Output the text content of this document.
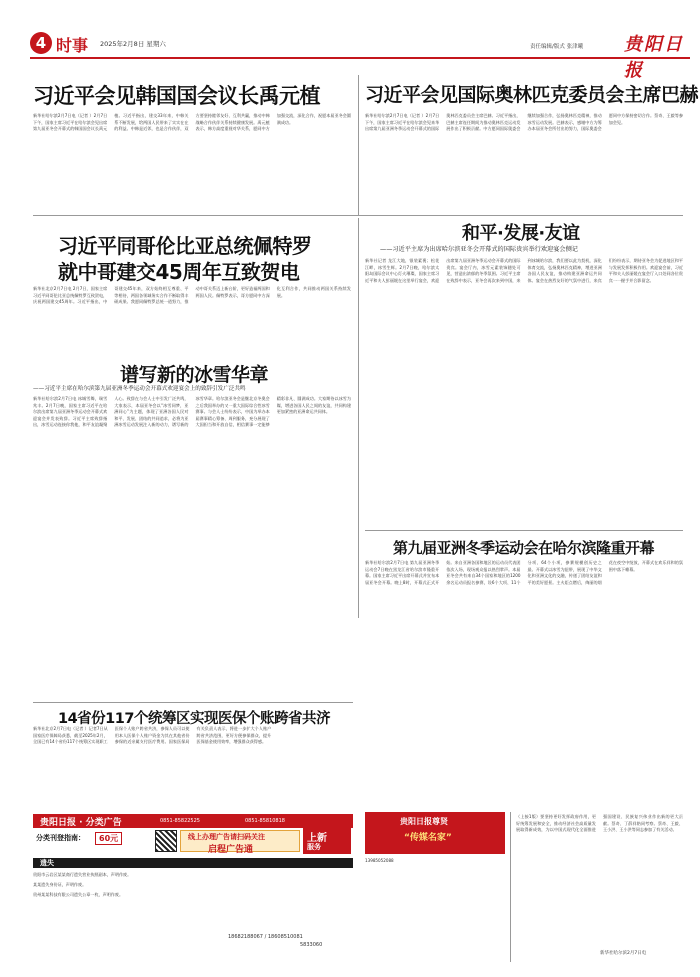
4 时事 2025年2月8日 星期六	责任编辑/版式 张津曦 贵阳日报
习近平会见韩国国会议长禹元植
新华社哈尔滨2月7日电（记者 ）2月7日下午，国家主席习近平在哈尔滨会见出席第九届亚冬会开幕式的韩国国会议长禹元植。习近平指出，建交33年来，中韩关系不断发展，给两国人民带来了实实在在的利益。中韩是近邻，也是合作伙伴，双方要坚持睦邻友好、互利共赢，推动中韩战略合作伙伴关系持续健康发展。禹元植表示，韩方高度重视对华关系，愿同中方加强交流，深化合作，祝愿本届亚冬会圆满成功。
习近平会见国际奥林匹克委员会主席巴赫
新华社哈尔滨2月7日电（记者 ）2月7日下午，国家主席习近平在哈尔滨会见来华出席第九届亚洲冬季运动会开幕式的国际奥林匹克委员会主席巴赫。习近平指出，巴赫主席连任期间为推动奥林匹克运动发展作出了积极贡献。中方愿同国际奥委会继续加强合作，弘扬奥林匹克精神，推动冰雪运动发展。巴赫表示，感谢中方为筹办本届亚冬会所付出的努力，国际奥委会愿同中方保持密切合作。蔡奇、王毅等参加会见。
习近平同哥伦比亚总统佩特罗
就中哥建交45周年互致贺电
新华社北京2月7日电 2月7日，国家主席习近平同哥伦比亚总统佩特罗互致贺电，庆祝两国建交45周年。习近平指出，中哥建交45年来，双方始终相互尊重、平等相待，两国各领域务实合作不断取得丰硕成果。我愿同佩特罗总统一道努力，推动中哥关系迈上新台阶，更好造福两国和两国人民。佩特罗表示，哥方愿同中方深化互利合作，共同推动两国关系持续发展。
和平·发展·友谊
——习近平主席为出席哈尔滨亚冬会开幕式的国际贵宾举行欢迎宴会侧记
新华社记者 龙江大地，银装素裹；松花江畔，冰雪生辉。2月7日晚，哈尔滨太阳岛国际会议中心灯火璀璨，国家主席习近平和夫人彭丽媛在这里举行宴会，欢迎出席第九届亚洲冬季运动会开幕式的国际贵宾。宴会厅内，冰雪元素装饰随处可见，营造出浓郁的冬季氛围。习近平主席在致辞中表示，亚冬会再次来到中国，来到冰城哈尔滨，我们要以此为契机，深化体育交流，弘扬奥林匹克精神，增进亚洲各国人民友谊，推动构建亚洲命运共同体。宴会在热烈友好的气氛中进行，来宾们纷纷表示，期待亚冬会为促进地区和平与发展发挥积极作用。欢迎宴会前，习近平和夫人彭丽媛在宴会厅入口处同各位贵宾一一握手并合影留念。
谱写新的冰雪华章
——习近平主席在哈尔滨第九届亚洲冬季运动会开幕式欢迎宴会上的致辞引发广泛共鸣
新华社哈尔滨2月7日电 冰城雪舞，瑞雪兆丰。2月7日晚，国家主席习近平在哈尔滨出席第九届亚洲冬季运动会开幕式欢迎宴会并发表致辞。习近平主席致辞指出，冰雪运动连接你我他，和平友谊凝聚人心。致辞在与会人士中引发广泛共鸣，大家表示，本届亚冬会以“冰雪同梦，亚洲同心”为主题，体现了亚洲各国人民对和平、发展、团结的共同追求，必将为亚洲冰雪运动发展注入新的动力，谱写新的冰雪华章。哈尔滨亚冬会是继北京冬奥会之后我国举办的又一重大国际综合性冰雪赛事。与会人士纷纷表示，中国为举办本届赛事精心筹备、周到服务，充分展现了大国担当和开放自信，相信赛事一定能够精彩非凡、圆满成功。大家期待以冰雪为媒，增进各国人民之间的友谊，共同构建更加紧密的亚洲命运共同体。
第九届亚洲冬季运动会在哈尔滨隆重开幕
新华社哈尔滨2月7日电 第九届亚洲冬季运动会7日晚在黑龙江省哈尔滨市隆重开幕。国家主席习近平出席开幕式并宣布本届亚冬会开幕。晚上8时，开幕式正式开始。来自亚洲各国和地区的运动员代表团依次入场，现场观众报以热烈掌声。本届亚冬会共有来自34个国家和地区的1200余名运动员报名参赛，设6个大项、11个分项、64个小项，参赛规模创历史之最。开幕式以冰雪为纽带，展现了中华文化和亚洲文化的交融，传递了团结友谊和平的美好愿景。主火炬点燃后，绚丽的烟花在夜空中绽放，开幕式在欢乐祥和的氛围中落下帷幕。
14省份117个统筹区实现医保个账跨省共济
新华社北京2月7日电（记者 ）记者7日从国家医疗保障局获悉，截至2025年2月，全国已有14个省份117个统筹区实现职工医保个人账户跨省共济，参保人员可以使用本人医保个人账户资金为其在其他省份参保的近亲属支付医疗费用。国家医保局有关负责人表示，将进一步扩大个人账户跨省共济范围，更好方便参保群众，提升医保基金使用效率，增强群众获得感。
贵阳日报 · 分类广告	0851-85822525	0851-85810818
分类刊登指南：	60元	线上办理广告请扫码关注
启程广告通
上新
服务
遗失
贵阳市云岩区某某商行遗失营业执照副本，声明作废。
某某遗失身份证，声明作废。
贵州某某科技有限公司遗失公章一枚，声明作废。
18682188067 / 18608510081
5833060
贵阳日报尊贤
“传媒名家”
13985052088
（上接1版）要坚持更好发挥政府作用，更好统筹发展和安全，推动经济社会高质量发展取得新成效，为以中国式现代化全面推进强国建设、民族复兴伟业作出新的更大贡献。蔡奇、丁薛祥陪同考察。蔡奇、王毅、王小洪、王小洪等同志参加了有关活动。
新华社哈尔滨2月7日电
